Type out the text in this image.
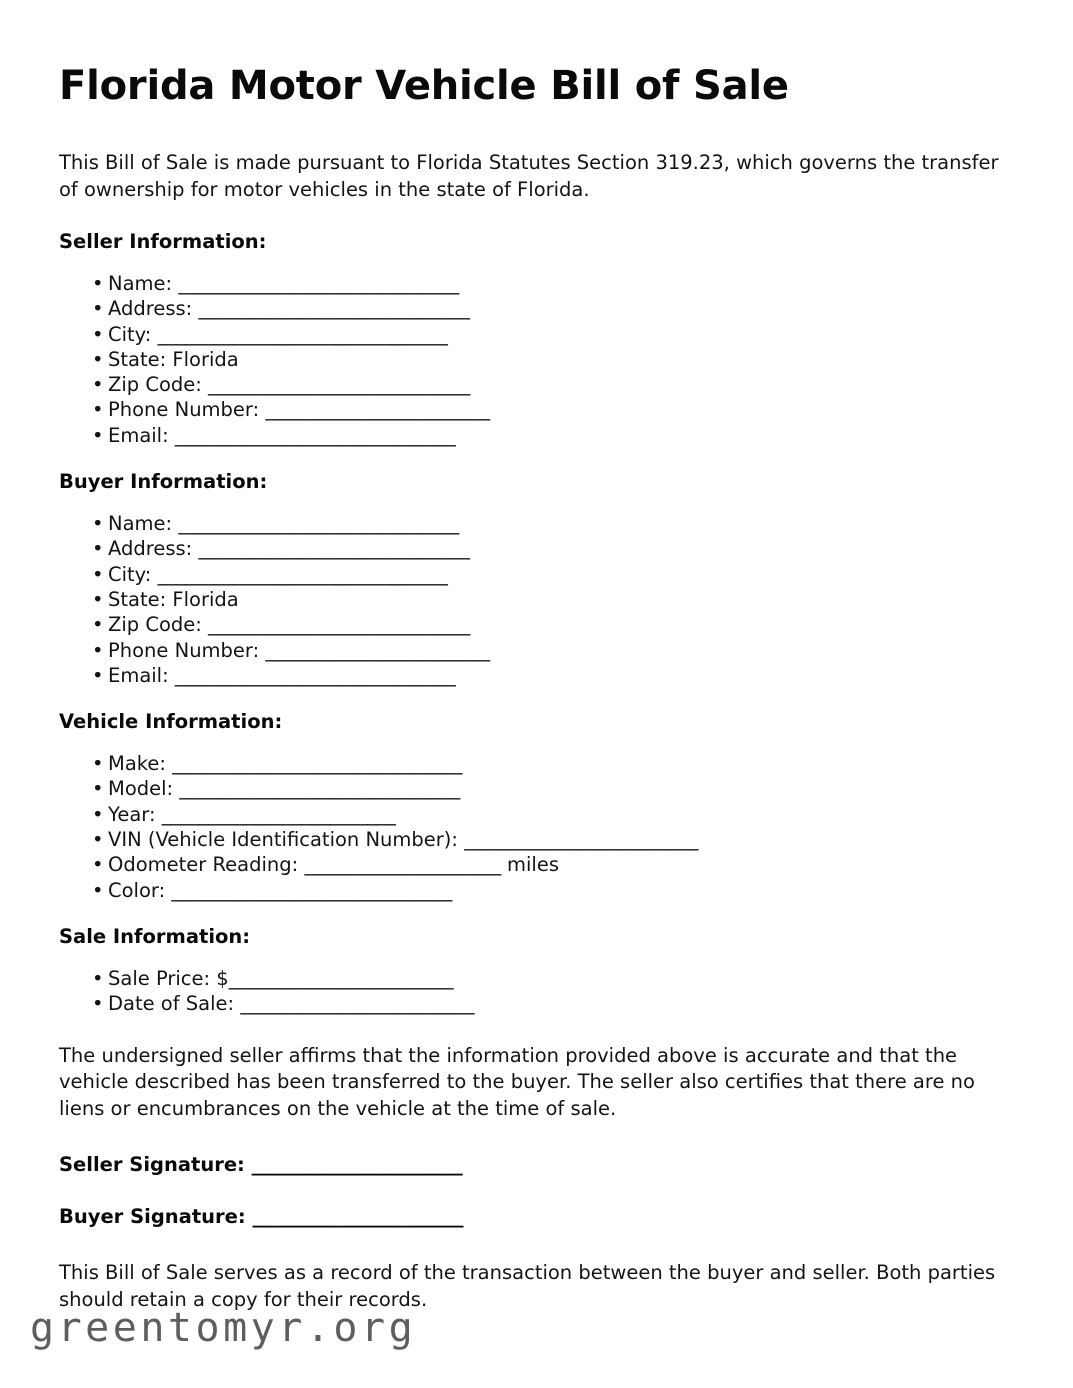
Florida Motor Vehicle Bill of Sale

This Bill of Sale is made pursuant to Florida Statutes Section 319.23, which governs the transfer of ownership for motor vehicles in the state of Florida.

Seller Information:
• Name: ______________________________
• Address: _____________________________
• City: _______________________________
• State: Florida
• Zip Code: ____________________________
• Phone Number: ________________________
• Email: ______________________________
Buyer Information:
• Name: ______________________________
• Address: _____________________________
• City: _______________________________
• State: Florida
• Zip Code: ____________________________
• Phone Number: ________________________
• Email: ______________________________
Vehicle Information:
• Make: _______________________________
• Model: ______________________________
• Year: _________________________
• VIN (Vehicle Identification Number): _________________________
• Odometer Reading: _____________________ miles
• Color: ______________________________
Sale Information:
• Sale Price: $________________________
• Date of Sale: _________________________

The undersigned seller affirms that the information provided above is accurate and that the vehicle described has been transferred to the buyer. The seller also certifies that there are no liens or encumbrances on the vehicle at the time of sale.

Seller Signature: _______________________

Buyer Signature: _______________________

This Bill of Sale serves as a record of the transaction between the buyer and seller. Both parties should retain a copy for their records.

greentomyr.org
